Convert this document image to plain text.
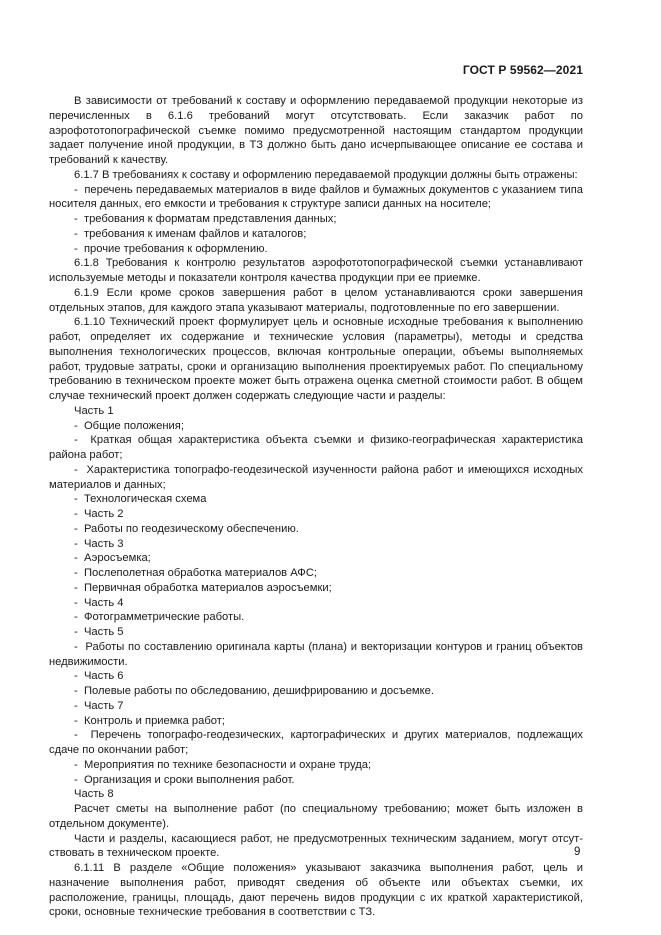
ГОСТ Р 59562—2021

В зависимости от требований к составу и оформлению передаваемой продукции некоторые из перечисленных в 6.1.6 требований могут отсутствовать. Если заказчик работ по аэрофототопографической съемке помимо предусмотренной настоящим стандартом продукции задает получение иной продукции, в ТЗ должно быть дано исчерпывающее описание ее состава и требований к качеству.

6.1.7 В требованиях к составу и оформлению передаваемой продукции должны быть отражены:

-  перечень передаваемых материалов в виде файлов и бумажных документов с указанием типа носителя данных, его емкости и требования к структуре записи данных на носителе;

-  требования к форматам представления данных;

-  требования к именам файлов и каталогов;

-  прочие требования к оформлению.

6.1.8 Требования к контролю результатов аэрофототопографической съемки устанавливают используемые методы и показатели контроля качества продукции при ее приемке.

6.1.9 Если кроме сроков завершения работ в целом устанавливаются сроки завершения отдельных этапов, для каждого этапа указывают материалы, подготовленные по его завершении.

6.1.10 Технический проект формулирует цель и основные исходные требования к выполнению работ, определяет их содержание и технические условия (параметры), методы и средства выполнения технологических процессов, включая контрольные операции, объемы выполняемых работ, трудовые затраты, сроки и организацию выполнения проектируемых работ. По специальному требованию в техническом проекте может быть отражена оценка сметной стоимости работ. В общем случае технический проект должен содержать следующие части и разделы:

Часть 1

-  Общие положения;

-  Краткая общая характеристика объекта съемки и физико-географическая характеристика района работ;

-  Характеристика топографо-геодезической изученности района работ и имеющихся исходных материалов и данных;

-  Технологическая схема

-  Часть 2

-  Работы по геодезическому обеспечению.

-  Часть 3

-  Аэросъемка;

-  Послеполетная обработка материалов АФС;

-  Первичная обработка материалов аэросъемки;

-  Часть 4

-  Фотограмметрические работы.

-  Часть 5

-  Работы по составлению оригинала карты (плана) и векторизации контуров и границ объектов недвижимости.

-  Часть 6

-  Полевые работы по обследованию, дешифрированию и досъемке.

-  Часть 7

-  Контроль и приемка работ;

-  Перечень топографо-геодезических, картографических и других материалов, подлежащих сдаче по окончании работ;

-  Мероприятия по технике безопасности и охране труда;

-  Организация и сроки выполнения работ.

Часть 8

Расчет сметы на выполнение работ (по специальному требованию; может быть изложен в отдельном документе).

Части и разделы, касающиеся работ, не предусмотренных техническим заданием, могут отсутствовать в техническом проекте.

6.1.11 В разделе «Общие положения» указывают заказчика выполнения работ, цель и назначение выполнения работ, приводят сведения об объекте или объектах съемки, их расположение, границы, площадь, дают перечень видов продукции с их краткой характеристикой, сроки, основные технические требования в соответствии с ТЗ.

9
